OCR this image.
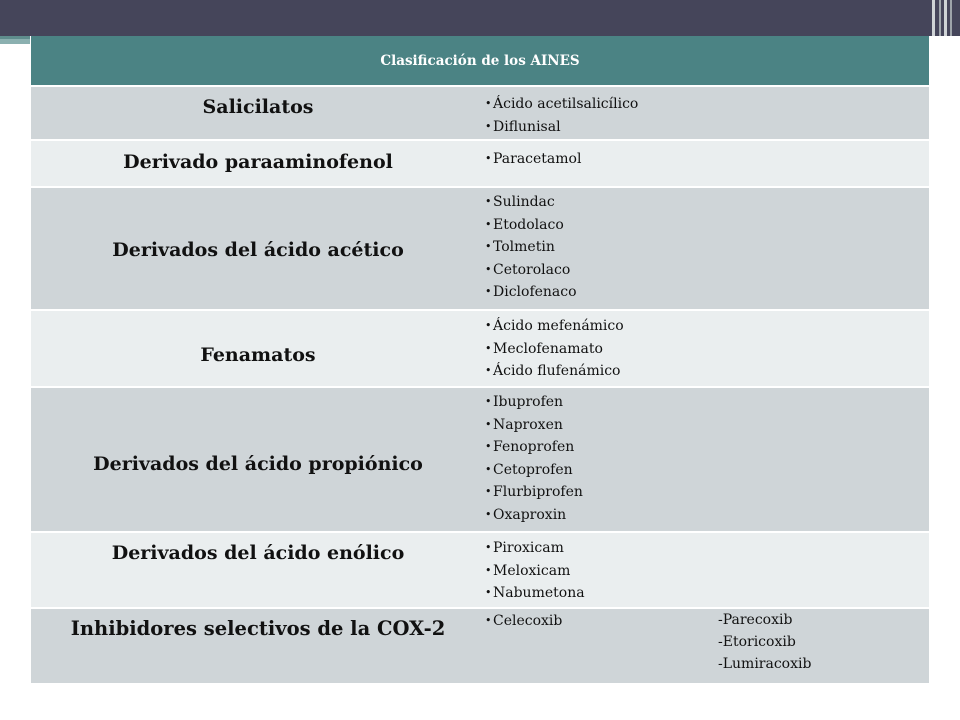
Clasificación de los AINES
Salicilatos	• Ácido acetilsalicílico
• Diflunisal
Derivado paraaminofenol	• Paracetamol
Derivados del ácido acético
• Sulindac
• Etodolaco
• Tolmetin
• Cetorolaco
• Diclofenaco
Fenamatos
• Ácido mefenámico
• Meclofenamato
• Ácido flufenámico
Derivados del ácido propiónico
• Ibuprofen
• Naproxen
• Fenoprofen
• Cetoprofen
• Flurbiprofen
• Oxaproxin
Derivados del ácido enólico	• Piroxicam
• Meloxicam
• Nabumetona
Inhibidores selectivos de la COX-2	• Celecoxib	-Parecoxib
-Etoricoxib
-Lumiracoxib
